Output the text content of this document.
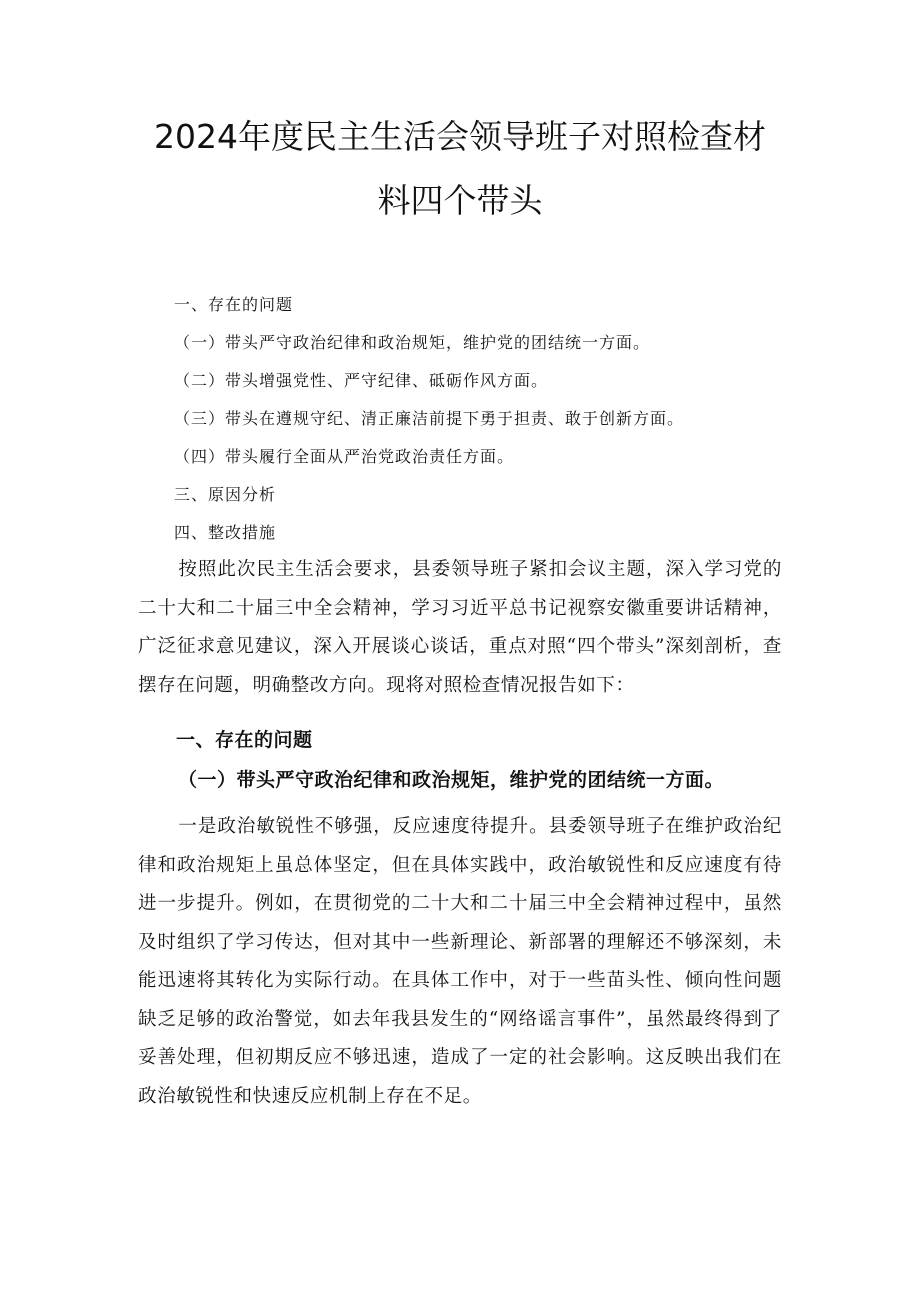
2024年度民主生活会领导班子对照检查材
料四个带头
一、存在的问题
（一）带头严守政治纪律和政治规矩，维护党的团结统一方面。
（二）带头增强党性、严守纪律、砥砺作风方面。
（三）带头在遵规守纪、清正廉洁前提下勇于担责、敢于创新方面。
（四）带头履行全面从严治党政治责任方面。
三、原因分析
四、整改措施
按照此次民主生活会要求，县委领导班子紧扣会议主题，深入学习党的二十大和二十届三中全会精神，学习习近平总书记视察安徽重要讲话精神，广泛征求意见建议，深入开展谈心谈话，重点对照“四个带头”深刻剖析，查摆存在问题，明确整改方向。现将对照检查情况报告如下：
一、存在的问题
（一）带头严守政治纪律和政治规矩，维护党的团结统一方面。
一是政治敏锐性不够强，反应速度待提升。县委领导班子在维护政治纪律和政治规矩上虽总体坚定，但在具体实践中，政治敏锐性和反应速度有待进一步提升。例如，在贯彻党的二十大和二十届三中全会精神过程中，虽然及时组织了学习传达，但对其中一些新理论、新部署的理解还不够深刻，未能迅速将其转化为实际行动。在具体工作中，对于一些苗头性、倾向性问题缺乏足够的政治警觉，如去年我县发生的“网络谣言事件”，虽然最终得到了妥善处理，但初期反应不够迅速，造成了一定的社会影响。这反映出我们在政治敏锐性和快速反应机制上存在不足。
